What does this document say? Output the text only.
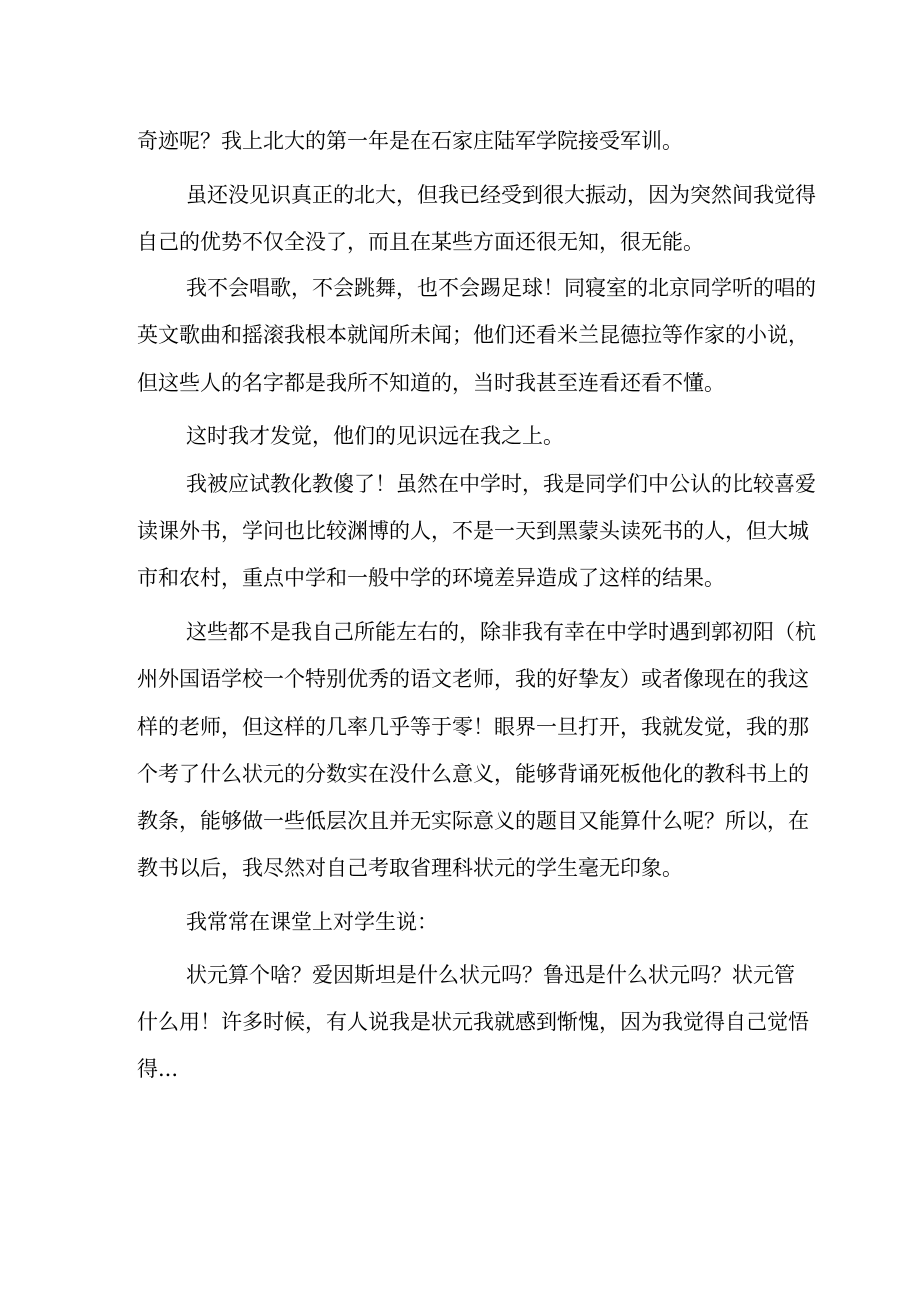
奇迹呢？我上北大的第一年是在石家庄陆军学院接受军训。
虽还没见识真正的北大，但我已经受到很大振动，因为突然间我觉得
自己的优势不仅全没了，而且在某些方面还很无知，很无能。
我不会唱歌，不会跳舞，也不会踢足球！同寝室的北京同学听的唱的
英文歌曲和摇滚我根本就闻所未闻；他们还看米兰昆德拉等作家的小说，
但这些人的名字都是我所不知道的，当时我甚至连看还看不懂。
这时我才发觉，他们的见识远在我之上。
我被应试教化教傻了！虽然在中学时，我是同学们中公认的比较喜爱
读课外书，学问也比较渊博的人，不是一天到黑蒙头读死书的人，但大城
市和农村，重点中学和一般中学的环境差异造成了这样的结果。
这些都不是我自己所能左右的，除非我有幸在中学时遇到郭初阳（杭
州外国语学校一个特别优秀的语文老师，我的好挚友）或者像现在的我这
样的老师，但这样的几率几乎等于零！眼界一旦打开，我就发觉，我的那
个考了什么状元的分数实在没什么意义，能够背诵死板他化的教科书上的
教条，能够做一些低层次且并无实际意义的题目又能算什么呢？所以，在
教书以后，我尽然对自己考取省理科状元的学生毫无印象。
我常常在课堂上对学生说：
状元算个啥？爱因斯坦是什么状元吗？鲁迅是什么状元吗？状元管
什么用！许多时候，有人说我是状元我就感到惭愧，因为我觉得自己觉悟
得...
